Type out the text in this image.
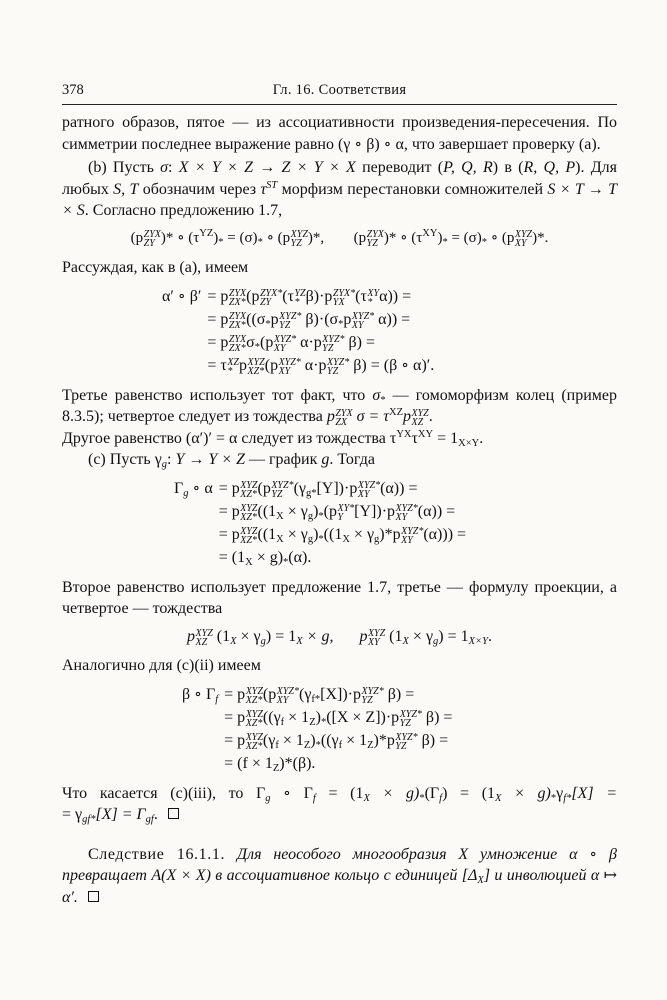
378	Гл. 16. Соответствия

ратного образов, пятое — из ассоциативности произведения-пересечения. По симметрии последнее выражение равно (γ ∘ β) ∘ α, что завершает проверку (а).

(b) Пусть σ: X × Y × Z → Z × Y × X переводит (P, Q, R) в (R, Q, P). Для любых S, T обозначим через $\tau^{ST}$ морфизм перестановки сомножителей S × T → T × S. Согласно предложению 1.7,

(p ZYX
ZY )* ∘ $(\tau^{YZ})_* = (\sigma)_*$ ∘ (p XYZ
YZ )*, (p ZYX
YZ )* ∘ $(\tau^{XY})_* = (\sigma)_*$ ∘ (p XYZ
XY )*.

Рассуждая, как в (а), имеем

α′ ∘ β′ = p ZYX
ZX* (p ZYX*
ZY (τ YZ
* β)·p ZYX*
YX (τ XY
* α)) =
= p ZYX
ZX* (($\sigma_*p$ XYZ*
YZ $\beta)\cdot(\sigma_*p$ XYZ*
XY α)) =
= p ZYX
ZX* $\sigma_*(p$ XYZ*
XY α·p XYZ*
YZ β) =
= τ XZ
* p XYZ
XZ* (p XYZ*
XY α·p XYZ*
YZ β) = (β ∘ α)′.

Третье равенство использует тот факт, что $\sigma_*$ — гомоморфизм колец (пример 8.3.5); четвертое следует из тождества p ZYX
ZX $\sigma = \tau^{XZ}p$ XYZ
XZ .

Другое равенство (α′)′ = α следует из тождества $\tau^{YX}\tau^{XY} = 1_{X\times Y}$.

(с) Пусть $\gamma_g$: Y → Y × Z — график g. Тогда

$\Gamma_g$ ∘ α = p XYZ
XZ* (p XYZ*
YZ $(\gamma_{g*}[Y])\cdot p$ XYZ*
XY (α)) =
= p XYZ
XZ* ($(1_X \times \gamma_g)_*(p$ XY*
Y [Y])·p XYZ*
XY (α)) =
= p XYZ
XZ* ($(1_X \times \gamma_g)_*((1_X \times \gamma_g)*p$ XYZ*
XY (α))) =
= $(1_X \times g)_*(\alpha)$.

Второе равенство использует предложение 1.7, третье — формулу проекции, а четвертое — тождества

p XYZ
XZ $(1_X \times \gamma_g) = 1_X \times g$, p XYZ
XY $(1_X \times \gamma_g) = 1_{X\times Y}$.

Аналогично для (с)(ii) имеем

β ∘ $\Gamma_f = p$ XYZ
XZ* (p XYZ*
XY $(\gamma_{f*}[X])\cdot p$ XYZ*
YZ β) =
= p XYZ
XZ* ($(\gamma_f \times 1_Z)_*([X \times Z])\cdot p$ XYZ*
YZ β) =
= p XYZ
XZ* $(\gamma_f \times 1_Z)_*((\gamma_f \times 1_Z)*p$ XYZ*
YZ β) =
= $(f \times 1_Z)*(\beta)$.

Что касается (с)(iii), то $\Gamma_g$ ∘ $\Gamma_f = (1_X \times g)_*(\Gamma_f) = (1_X \times g)_*\gamma_{f*}[X]$ =

= $\gamma_{gf*}[X] = \Gamma_{gf}$.

Следствие 16.1.1. Для неособого многообразия X умножение α ∘ β превращает A(X × X) в ассоциативное кольцо с единицей $[\Delta_X]$ и инволюцией α ↦ α′.
